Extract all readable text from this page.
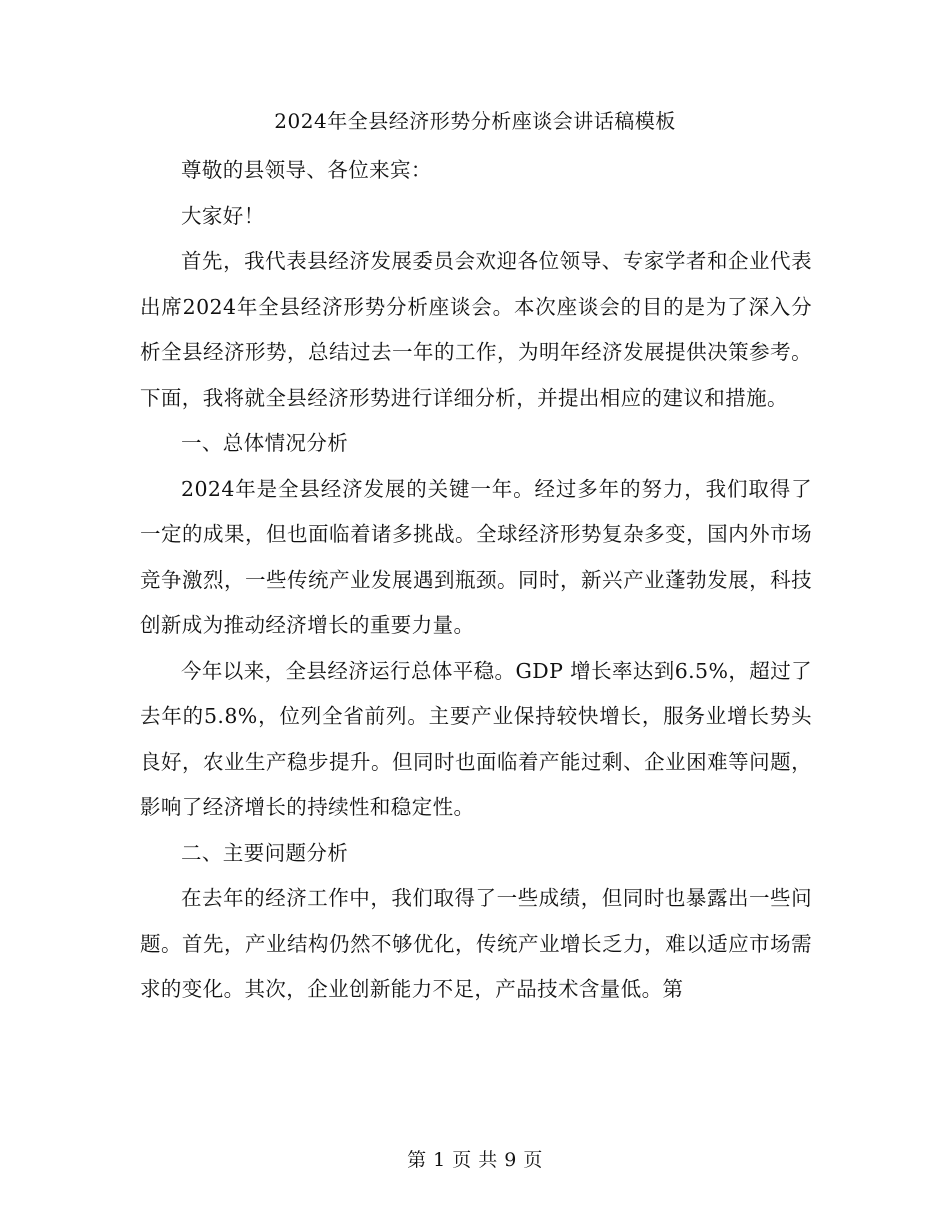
2024年全县经济形势分析座谈会讲话稿模板

尊敬的县领导、各位来宾：

大家好！

首先，我代表县经济发展委员会欢迎各位领导、专家学者和企业代表出席2024年全县经济形势分析座谈会。本次座谈会的目的是为了深入分析全县经济形势，总结过去一年的工作，为明年经济发展提供决策参考。下面，我将就全县经济形势进行详细分析，并提出相应的建议和措施。

一、总体情况分析

2024年是全县经济发展的关键一年。经过多年的努力，我们取得了一定的成果，但也面临着诸多挑战。全球经济形势复杂多变，国内外市场竞争激烈，一些传统产业发展遇到瓶颈。同时，新兴产业蓬勃发展，科技创新成为推动经济增长的重要力量。

今年以来，全县经济运行总体平稳。GDP 增长率达到6.5%，超过了去年的5.8%，位列全省前列。主要产业保持较快增长，服务业增长势头良好，农业生产稳步提升。但同时也面临着产能过剩、企业困难等问题，影响了经济增长的持续性和稳定性。

二、主要问题分析

在去年的经济工作中，我们取得了一些成绩，但同时也暴露出一些问题。首先，产业结构仍然不够优化，传统产业增长乏力，难以适应市场需求的变化。其次，企业创新能力不足，产品技术含量低。第

第 1 页 共 9 页
